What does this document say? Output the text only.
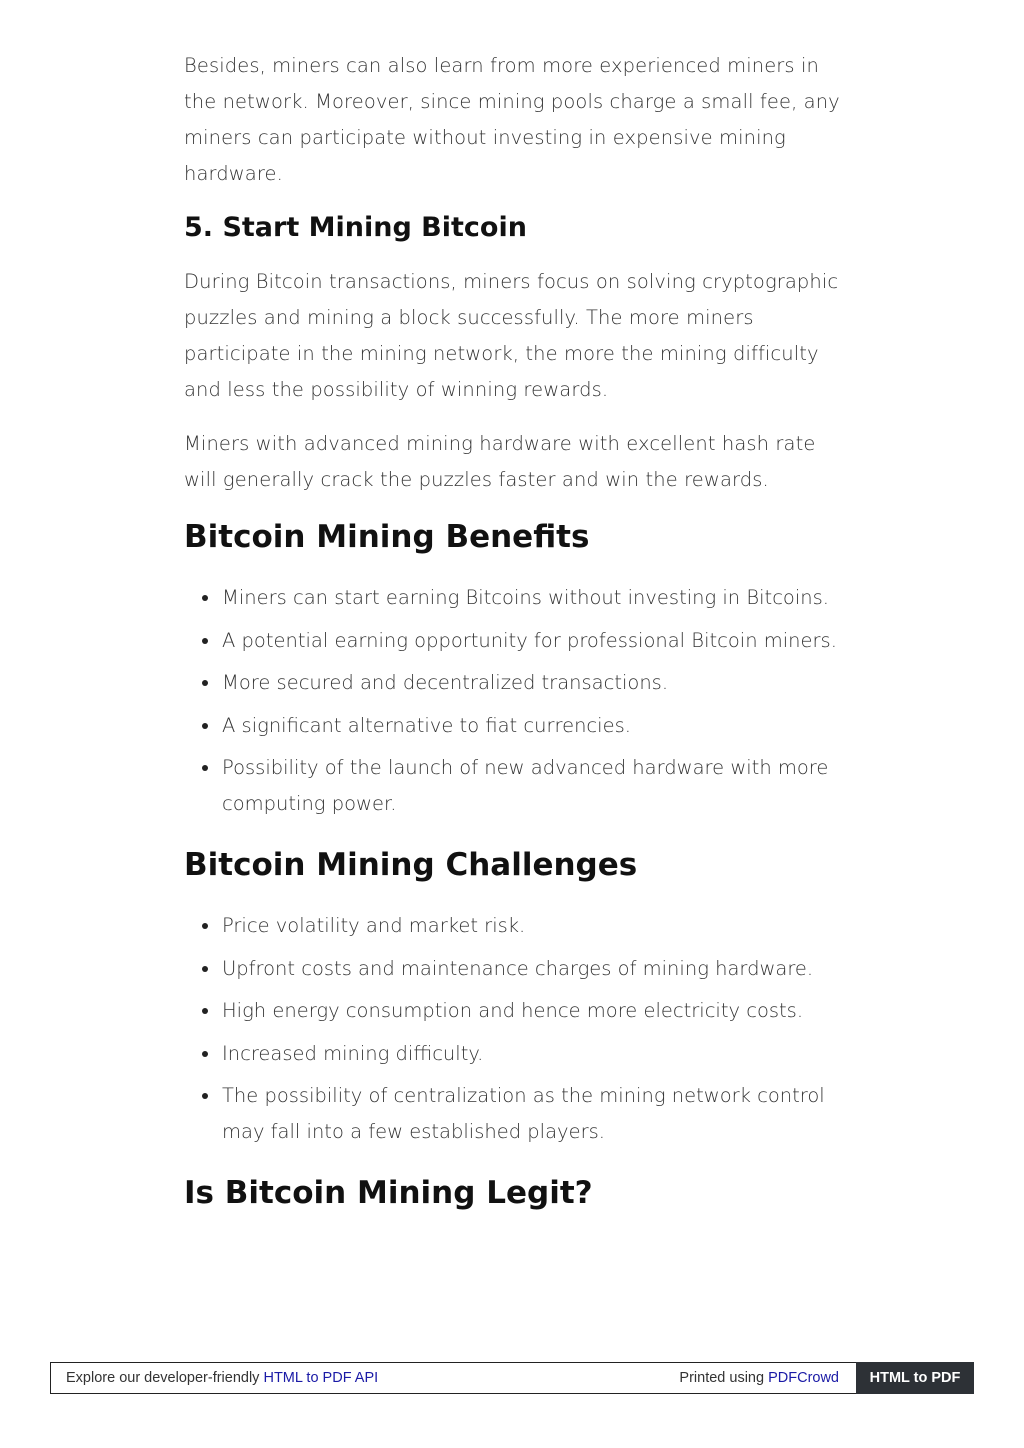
Besides, miners can also learn from more experienced miners in the network. Moreover, since mining pools charge a small fee, any miners can participate without investing in expensive mining hardware.

5. Start Mining Bitcoin

During Bitcoin transactions, miners focus on solving cryptographic puzzles and mining a block successfully. The more miners participate in the mining network, the more the mining difficulty and less the possibility of winning rewards.

Miners with advanced mining hardware with excellent hash rate will generally crack the puzzles faster and win the rewards.

Bitcoin Mining Benefits
Miners can start earning Bitcoins without investing in Bitcoins.
A potential earning opportunity for professional Bitcoin miners.
More secured and decentralized transactions.
A significant alternative to fiat currencies.
Possibility of the launch of new advanced hardware with more computing power.
Bitcoin Mining Challenges
Price volatility and market risk.
Upfront costs and maintenance charges of mining hardware.
High energy consumption and hence more electricity costs.
Increased mining difficulty.
The possibility of centralization as the mining network control may fall into a few established players.
Is Bitcoin Mining Legit?
Explore our developer-friendly HTML to PDF API	Printed using PDFCrowd	HTML to PDF
